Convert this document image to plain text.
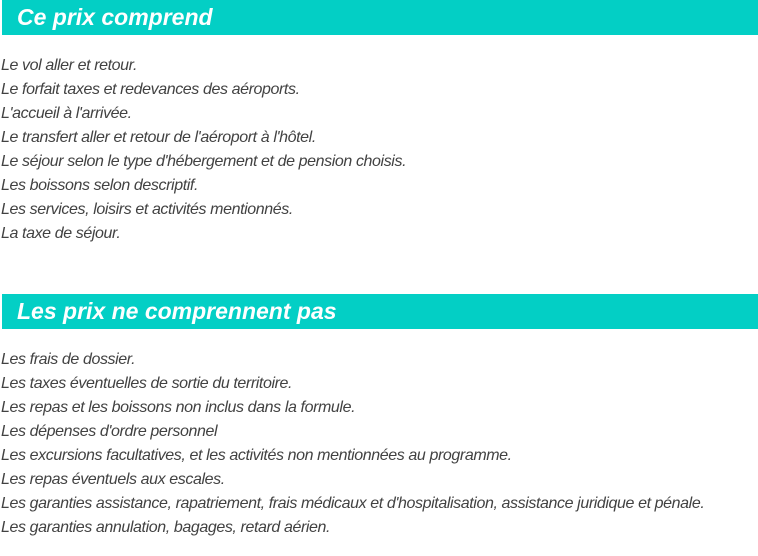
Ce prix comprend
Le vol aller et retour.
Le forfait taxes et redevances des aéroports.
L'accueil à l'arrivée.
Le transfert aller et retour de l'aéroport à l'hôtel.
Le séjour selon le type d'hébergement et de pension choisis.
Les boissons selon descriptif.
Les services, loisirs et activités mentionnés.
La taxe de séjour.
Les prix ne comprennent pas
Les frais de dossier.
Les taxes éventuelles de sortie du territoire.
Les repas et les boissons non inclus dans la formule.
Les dépenses d'ordre personnel
Les excursions facultatives, et les activités non mentionnées au programme.
Les repas éventuels aux escales.
Les garanties assistance, rapatriement, frais médicaux et d'hospitalisation, assistance juridique et pénale.
Les garanties annulation, bagages, retard aérien.
